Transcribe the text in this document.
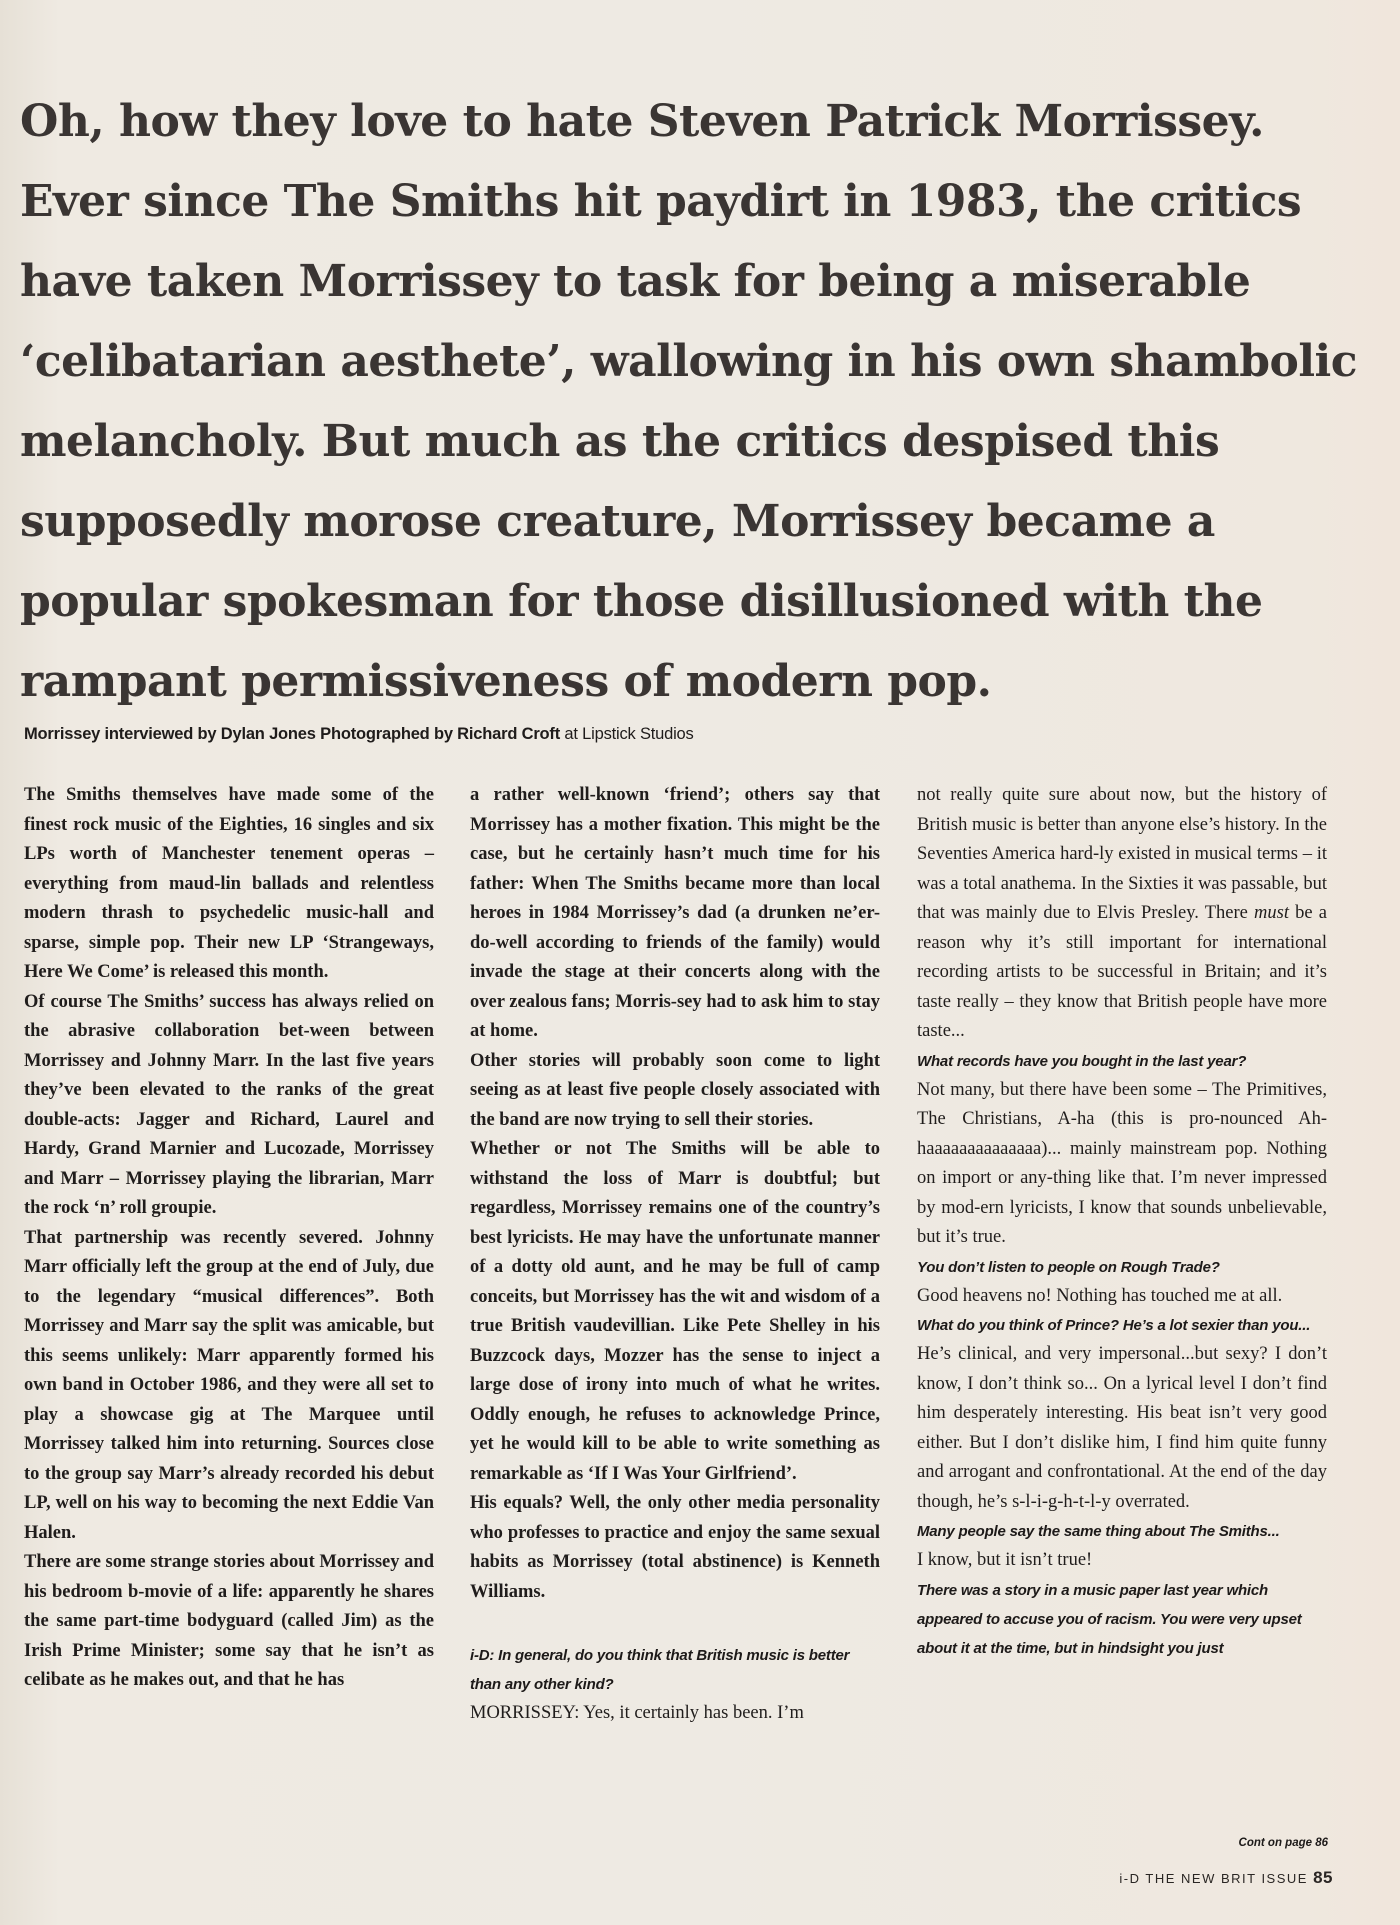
Oh, how they love to hate Steven Patrick Morrissey.
Ever since The Smiths hit paydirt in 1983, the critics
have taken Morrissey to task for being a miserable
‘celibatarian aesthete’, wallowing in his own shambolic
melancholy. But much as the critics despised this
supposedly morose creature, Morrissey became a
popular spokesman for those disillusioned with the
rampant permissiveness of modern pop.
Morrissey interviewed by Dylan Jones Photographed by Richard Croft at Lipstick Studios

The Smiths themselves have made some of the finest rock music of the Eighties, 16 singles and six LPs worth of Manchester tenement operas – everything from maud-lin ballads and relentless modern thrash to psychedelic music-hall and sparse, simple pop. Their new LP ‘Strangeways, Here We Come’ is released this month.

Of course The Smiths’ success has always relied on the abrasive collaboration bet-ween between Morrissey and Johnny Marr. In the last five years they’ve been elevated to the ranks of the great double-acts: Jagger and Richard, Laurel and Hardy, Grand Marnier and Lucozade, Morrissey and Marr – Morrissey playing the librarian, Marr the rock ‘n’ roll groupie.

That partnership was recently severed. Johnny Marr officially left the group at the end of July, due to the legendary “musical differences”. Both Morrissey and Marr say the split was amicable, but this seems unlikely: Marr apparently formed his own band in October 1986, and they were all set to play a showcase gig at The Marquee until Morrissey talked him into returning. Sources close to the group say Marr’s already recorded his debut LP, well on his way to becoming the next Eddie Van Halen.

There are some strange stories about Morrissey and his bedroom b-movie of a life: apparently he shares the same part-time bodyguard (called Jim) as the Irish Prime Minister; some say that he isn’t as celibate as he makes out, and that he has

a rather well-known ‘friend’; others say that Morrissey has a mother fixation. This might be the case, but he certainly hasn’t much time for his father: When The Smiths became more than local heroes in 1984 Morrissey’s dad (a drunken ne’er-do-well according to friends of the family) would invade the stage at their concerts along with the over zealous fans; Morris-sey had to ask him to stay at home.

Other stories will probably soon come to light seeing as at least five people closely associated with the band are now trying to sell their stories.

Whether or not The Smiths will be able to withstand the loss of Marr is doubtful; but regardless, Morrissey remains one of the country’s best lyricists. He may have the unfortunate manner of a dotty old aunt, and he may be full of camp conceits, but Morrissey has the wit and wisdom of a true British vaudevillian. Like Pete Shelley in his Buzzcock days, Mozzer has the sense to inject a large dose of irony into much of what he writes. Oddly enough, he refuses to acknowledge Prince, yet he would kill to be able to write something as remarkable as ‘If I Was Your Girlfriend’.

His equals? Well, the only other media personality who professes to practice and enjoy the same sexual habits as Morrissey (total abstinence) is Kenneth Williams.

i-D: In general, do you think that British music is better than any other kind?

MORRISSEY: Yes, it certainly has been. I’m

not really quite sure about now, but the history of British music is better than anyone else’s history. In the Seventies America hard-ly existed in musical terms – it was a total anathema. In the Sixties it was passable, but that was mainly due to Elvis Presley. There must be a reason why it’s still important for international recording artists to be successful in Britain; and it’s taste really – they know that British people have more taste...

What records have you bought in the last year?

Not many, but there have been some – The Primitives, The Christians, A-ha (this is pro-nounced Ah-haaaaaaaaaaaaaa)... mainly mainstream pop. Nothing on import or any-thing like that. I’m never impressed by mod-ern lyricists, I know that sounds unbelievable, but it’s true.

You don’t listen to people on Rough Trade?

Good heavens no! Nothing has touched me at all.

What do you think of Prince? He’s a lot sexier than you...

He’s clinical, and very impersonal...but sexy? I don’t know, I don’t think so... On a lyrical level I don’t find him desperately interesting. His beat isn’t very good either. But I don’t dislike him, I find him quite funny and arrogant and confrontational. At the end of the day though, he’s s-l-i-g-h-t-l-y overrated.

Many people say the same thing about The Smiths...

I know, but it isn’t true!

There was a story in a music paper last year which appeared to accuse you of racism. You were very upset about it at the time, but in hindsight you just

Cont on page 86
i-D THE NEW BRIT ISSUE 85
